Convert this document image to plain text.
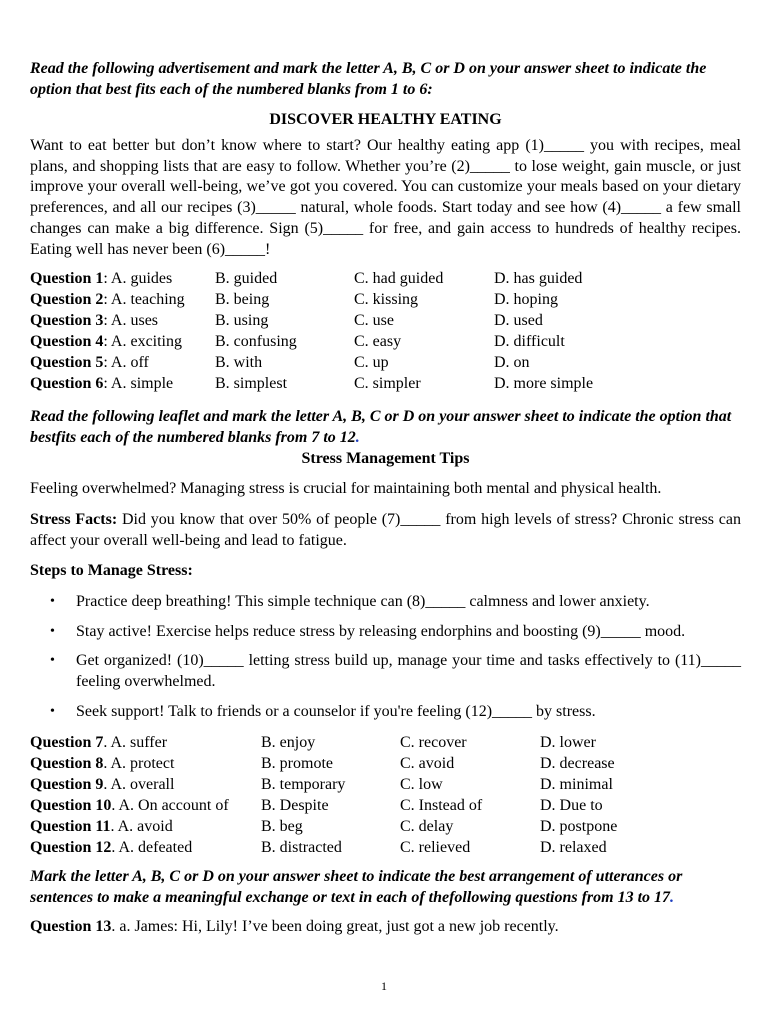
Read the following advertisement and mark the letter A, B, C or D on your answer sheet to indicate the option that best fits each of the numbered blanks from 1 to 6:

DISCOVER HEALTHY EATING

Want to eat better but don’t know where to start? Our healthy eating app (1)_____ you with recipes, meal plans, and shopping lists that are easy to follow. Whether you’re (2)_____ to lose weight, gain muscle, or just improve your overall well-being, we’ve got you covered. You can customize your meals based on your dietary preferences, and all our recipes (3)_____ natural, whole foods. Start today and see how (4)_____ a few small changes can make a big difference. Sign (5)_____ for free, and gain access to hundreds of healthy recipes. Eating well has never been (6)_____!

Question 1: A. guides	B. guided	C. had guided	D. has guided
Question 2: A. teaching B. being	C. kissing	D. hoping
Question 3: A. uses	B. using	C. use	D. used
Question 4: A. exciting B. confusing	C. easy	D. difficult
Question 5: A. off	B. with	C. up	D. on
Question 6: A. simple	B. simplest	C. simpler	D. more simple

Read the following leaflet and mark the letter A, B, C or D on your answer sheet to indicate the option that bestfits each of the numbered blanks from 7 to 12.

Stress Management Tips

Feeling overwhelmed? Managing stress is crucial for maintaining both mental and physical health.

Stress Facts: Did you know that over 50% of people (7)_____ from high levels of stress? Chronic stress can affect your overall well-being and lead to fatigue.

Steps to Manage Stress:

• Practice deep breathing! This simple technique can (8)_____ calmness and lower anxiety.
• Stay active! Exercise helps reduce stress by releasing endorphins and boosting (9)_____ mood.
• Get organized! (10)_____ letting stress build up, manage your time and tasks effectively to (11)_____ feeling overwhelmed.
• Seek support! Talk to friends or a counselor if you're feeling (12)_____ by stress.
Question 7. A. suffer	B. enjoy	C. recover	D. lower
Question 8. A. protect	B. promote	C. avoid	D. decrease
Question 9. A. overall	B. temporary	C. low	D. minimal
Question 10. A. On account of B. Despite	C. Instead of	D. Due to
Question 11. A. avoid	B. beg	C. delay	D. postpone
Question 12. A. defeated	B. distracted	C. relieved	D. relaxed

Mark the letter A, B, C or D on your answer sheet to indicate the best arrangement of utterances or sentences to make a meaningful exchange or text in each of thefollowing questions from 13 to 17.

Question 13. a. James: Hi, Lily! I’ve been doing great, just got a new job recently.

1
